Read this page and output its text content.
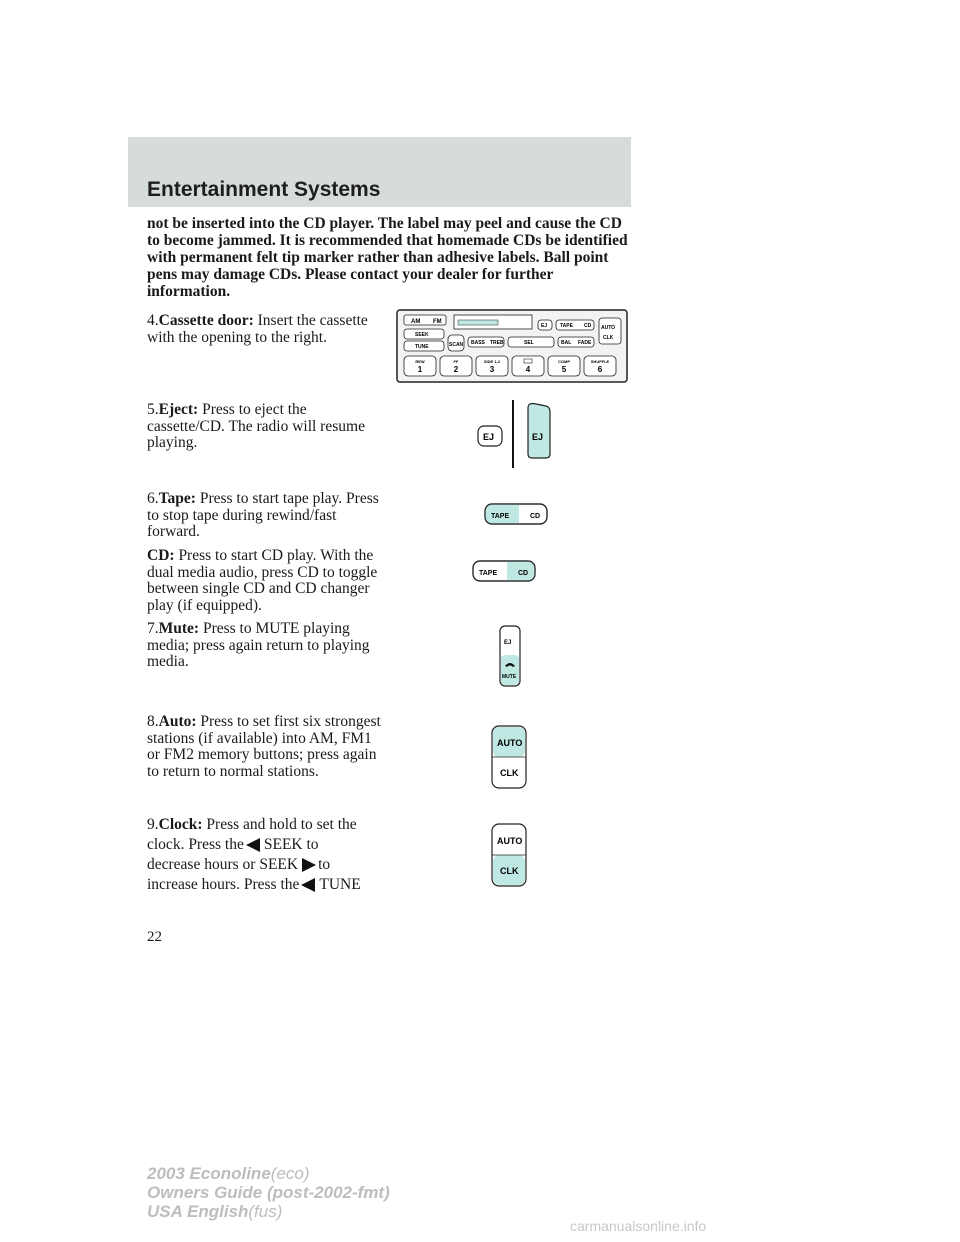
Entertainment Systems

not be inserted into the CD player. The label may peel and cause the CD to become jammed. It is recommended that homemade CDs be identified with permanent felt tip marker rather than adhesive labels. Ball point pens may damage CDs. Please contact your dealer for further information.

4.Cassette door: Insert the cassette with the opening to the right.

5.Eject: Press to eject the cassette/CD. The radio will resume playing.

6.Tape: Press to start tape play. Press to stop tape during rewind/fast forward.

CD: Press to start CD play. With the dual media audio, press CD to toggle between single CD and CD changer play (if equipped).

7.Mute: Press to MUTE playing media; press again return to playing media.

8.Auto: Press to set first six strongest stations (if available) into AM, FM1 or FM2 memory buttons; press again to return to normal stations.

9.Clock: Press and hold to set the
clock. Press the SEEK to
decrease hours or SEEK to
increase hours. Press the TUNE
AM FM
EJ	TAPE CD AUTO
CLK
SEEK
TUNE	SCAN BASS TREB	SEL	BAL FADE
REW
1
FF
2
SIDE 1-2
3	4
COMP
5
SHUFFLE
6
EJ	EJ
TAPE	CD
TAPE	CD
EJ
MUTE
AUTO
CLK
AUTO
CLK
22
2003 Econoline(eco)
Owners Guide (post-2002-fmt)
USA English(fus)
carmanualsonline.info
